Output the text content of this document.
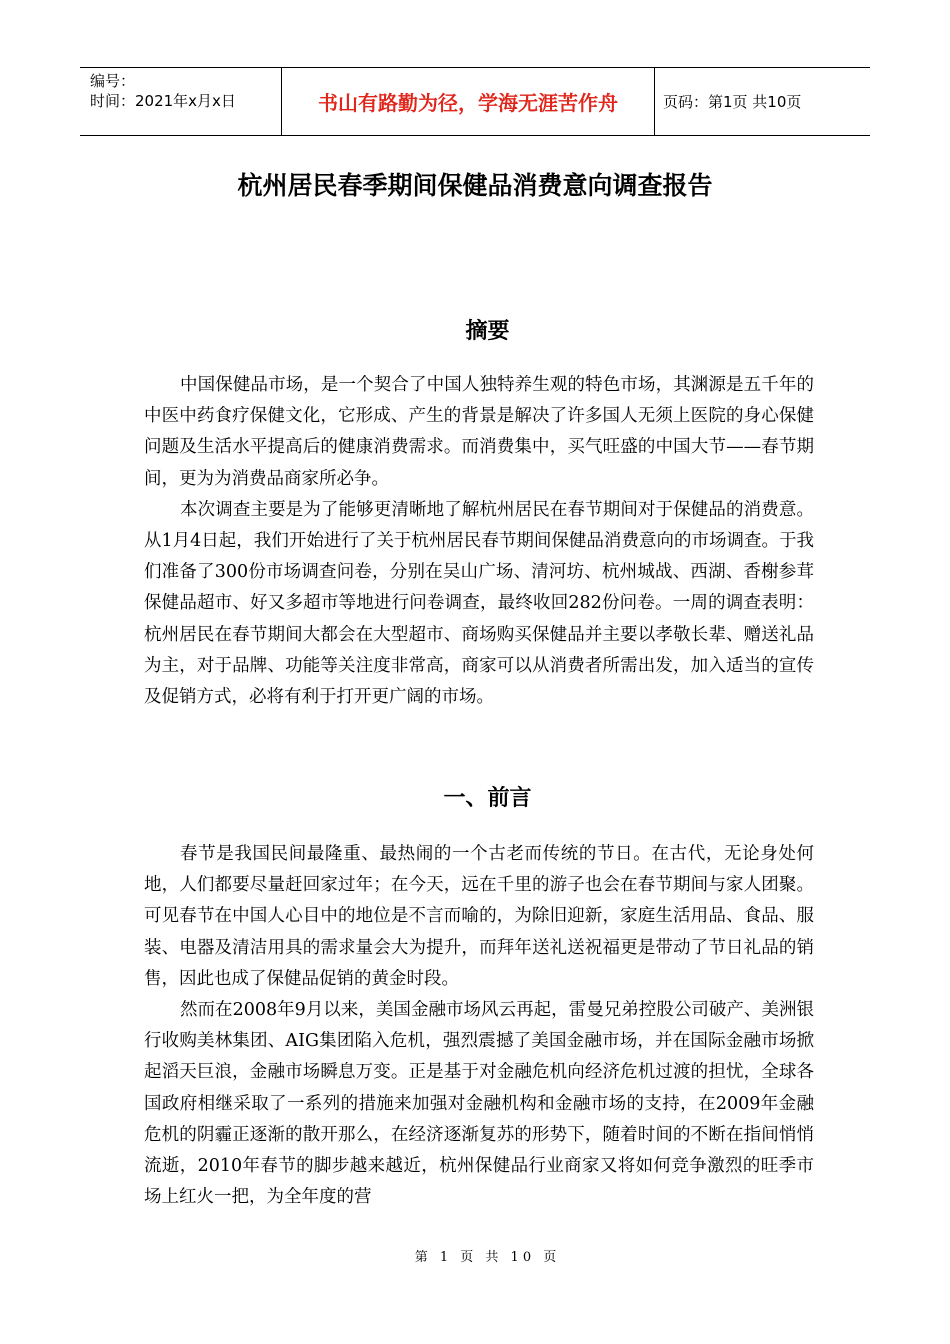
编号：
时间：2021年x月x日	书山有路勤为径，学海无涯苦作舟	页码：第1页 共10页
杭州居民春季期间保健品消费意向调查报告
摘要

中国保健品市场，是一个契合了中国人独特养生观的特色市场，其渊源是五千年的中医中药食疗保健文化，它形成、产生的背景是解决了许多国人无须上医院的身心保健问题及生活水平提高后的健康消费需求。而消费集中，买气旺盛的中国大节——春节期间，更为为消费品商家所必争。

本次调查主要是为了能够更清晰地了解杭州居民在春节期间对于保健品的消费意。从1月4日起，我们开始进行了关于杭州居民春节期间保健品消费意向的市场调查。于我们准备了300份市场调查问卷，分别在吴山广场、清河坊、杭州城战、西湖、香榭参茸保健品超市、好又多超市等地进行问卷调查，最终收回282份问卷。一周的调查表明：杭州居民在春节期间大都会在大型超市、商场购买保健品并主要以孝敬长辈、赠送礼品为主，对于品牌、功能等关注度非常高，商家可以从消费者所需出发，加入适当的宣传及促销方式，必将有利于打开更广阔的市场。

一、前言

春节是我国民间最隆重、最热闹的一个古老而传统的节日。在古代，无论身处何地，人们都要尽量赶回家过年；在今天，远在千里的游子也会在春节期间与家人团聚。可见春节在中国人心目中的地位是不言而喻的，为除旧迎新，家庭生活用品、食品、服装、电器及清洁用具的需求量会大为提升，而拜年送礼送祝福更是带动了节日礼品的销售，因此也成了保健品促销的黄金时段。

然而在2008年9月以来，美国金融市场风云再起，雷曼兄弟控股公司破产、美洲银行收购美林集团、AIG集团陷入危机，强烈震撼了美国金融市场，并在国际金融市场掀起滔天巨浪，金融市场瞬息万变。正是基于对金融危机向经济危机过渡的担忧，全球各国政府相继采取了一系列的措施来加强对金融机构和金融市场的支持，在2009年金融危机的阴霾正逐渐的散开那么，在经济逐渐复苏的形势下，随着时间的不断在指间悄悄流逝，2010年春节的脚步越来越近，杭州保健品行业商家又将如何竞争激烈的旺季市场上红火一把，为全年度的营

第 1 页 共 10 页
